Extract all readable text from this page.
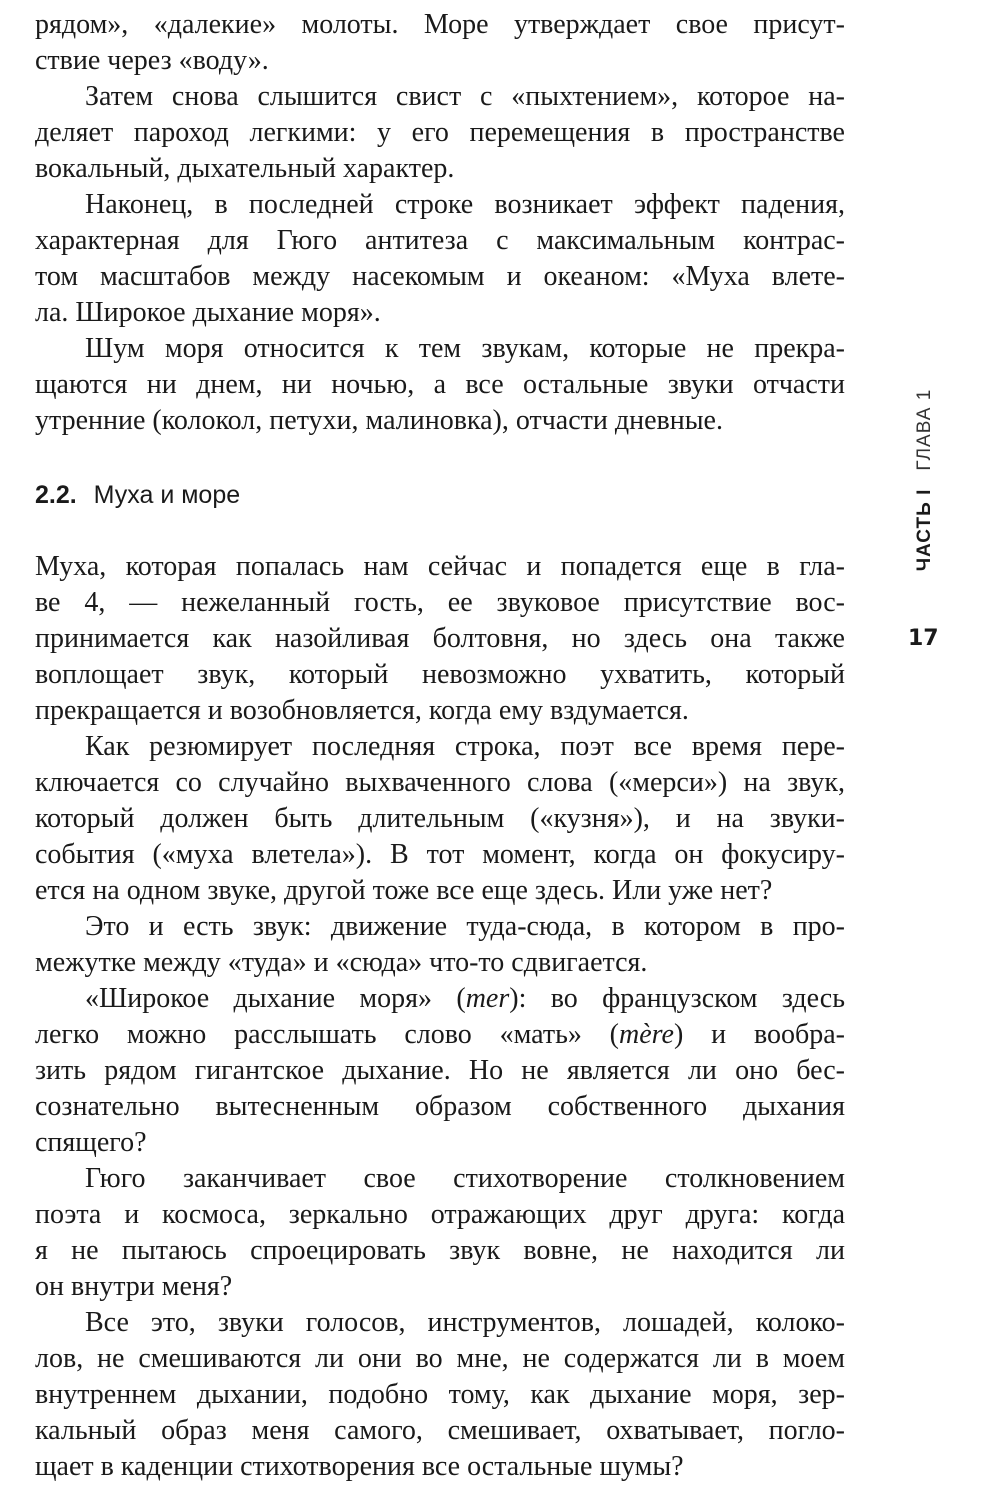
рядом», «далекие» молоты. Море утверждает свое присут-
ствие через «воду».
Затем снова слышится свист с «пыхтением», которое на-
деляет пароход легкими: у его перемещения в пространстве
вокальный, дыхательный характер.
Наконец, в последней строке возникает эффект падения,
характерная для Гюго антитеза с максимальным контрас-
том масштабов между насекомым и океаном: «Муха влете-
ла. Широкое дыхание моря».
Шум моря относится к тем звукам, которые не прекра-
щаются ни днем, ни ночью, а все остальные звуки отчасти
утренние (колокол, петухи, малиновка), отчасти дневные.
2.2. Муха и море
Муха, которая попалась нам сейчас и попадется еще в гла-
ве 4, — нежеланный гость, ее звуковое присутствие вос-
принимается как назойливая болтовня, но здесь она также
воплощает звук, который невозможно ухватить, который
прекращается и возобновляется, когда ему вздумается.
Как резюмирует последняя строка, поэт все время пере-
ключается со случайно выхваченного слова («мерси») на звук,
который должен быть длительным («кузня»), и на звуки-
события («муха влетела»). В тот момент, когда он фокусиру-
ется на одном звуке, другой тоже все еще здесь. Или уже нет?
Это и есть звук: движение туда-сюда, в котором в про-
межутке между «туда» и «сюда» что-то сдвигается.
«Широкое дыхание моря» (mer): во французском здесь
легко можно расслышать слово «мать» (mère) и вообра-
зить рядом гигантское дыхание. Но не является ли оно бес-
сознательно вытесненным образом собственного дыхания
спящего?
Гюго заканчивает свое стихотворение столкновением
поэта и космоса, зеркально отражающих друг друга: когда
я не пытаюсь спроецировать звук вовне, не находится ли
он внутри меня?
Все это, звуки голосов, инструментов, лошадей, колоко-
лов, не смешиваются ли они во мне, не содержатся ли в моем
внутреннем дыхании, подобно тому, как дыхание моря, зер-
кальный образ меня самого, смешивает, охватывает, погло-
щает в каденции стихотворения все остальные шумы?
ЧАСТЬ IГЛАВА 1
17
